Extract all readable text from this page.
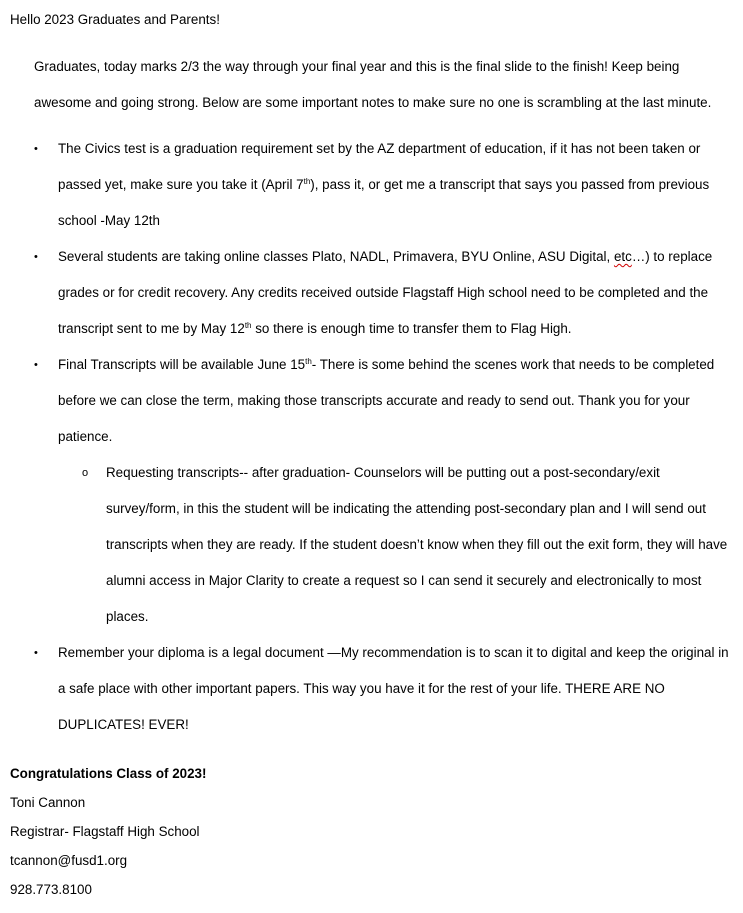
Hello 2023 Graduates and Parents!

Graduates, today marks 2/3 the way through your final year and this is the final slide to the finish! Keep being awesome and going strong. Below are some important notes to make sure no one is scrambling at the last minute.

• The Civics test is a graduation requirement set by the AZ department of education, if it has not been taken or passed yet, make sure you take it (April 7th), pass it, or get me a transcript that says you passed from previous school -May 12th
• Several students are taking online classes Plato, NADL, Primavera, BYU Online, ASU Digital, etc…) to replace grades or for credit recovery. Any credits received outside Flagstaff High school need to be completed and the transcript sent to me by May 12th so there is enough time to transfer them to Flag High.
• Final Transcripts will be available June 15th- There is some behind the scenes work that needs to be completed before we can close the term, making those transcripts accurate and ready to send out. Thank you for your patience.
o Requesting transcripts-- after graduation- Counselors will be putting out a post-secondary/exit survey/form, in this the student will be indicating the attending post-secondary plan and I will send out transcripts when they are ready. If the student doesn’t know when they fill out the exit form, they will have alumni access in Major Clarity to create a request so I can send it securely and electronically to most places.
• Remember your diploma is a legal document —My recommendation is to scan it to digital and keep the original in a safe place with other important papers. This way you have it for the rest of your life. THERE ARE NO DUPLICATES! EVER!
Congratulations Class of 2023!
Toni Cannon
Registrar- Flagstaff High School
tcannon@fusd1.org
928.773.8100
